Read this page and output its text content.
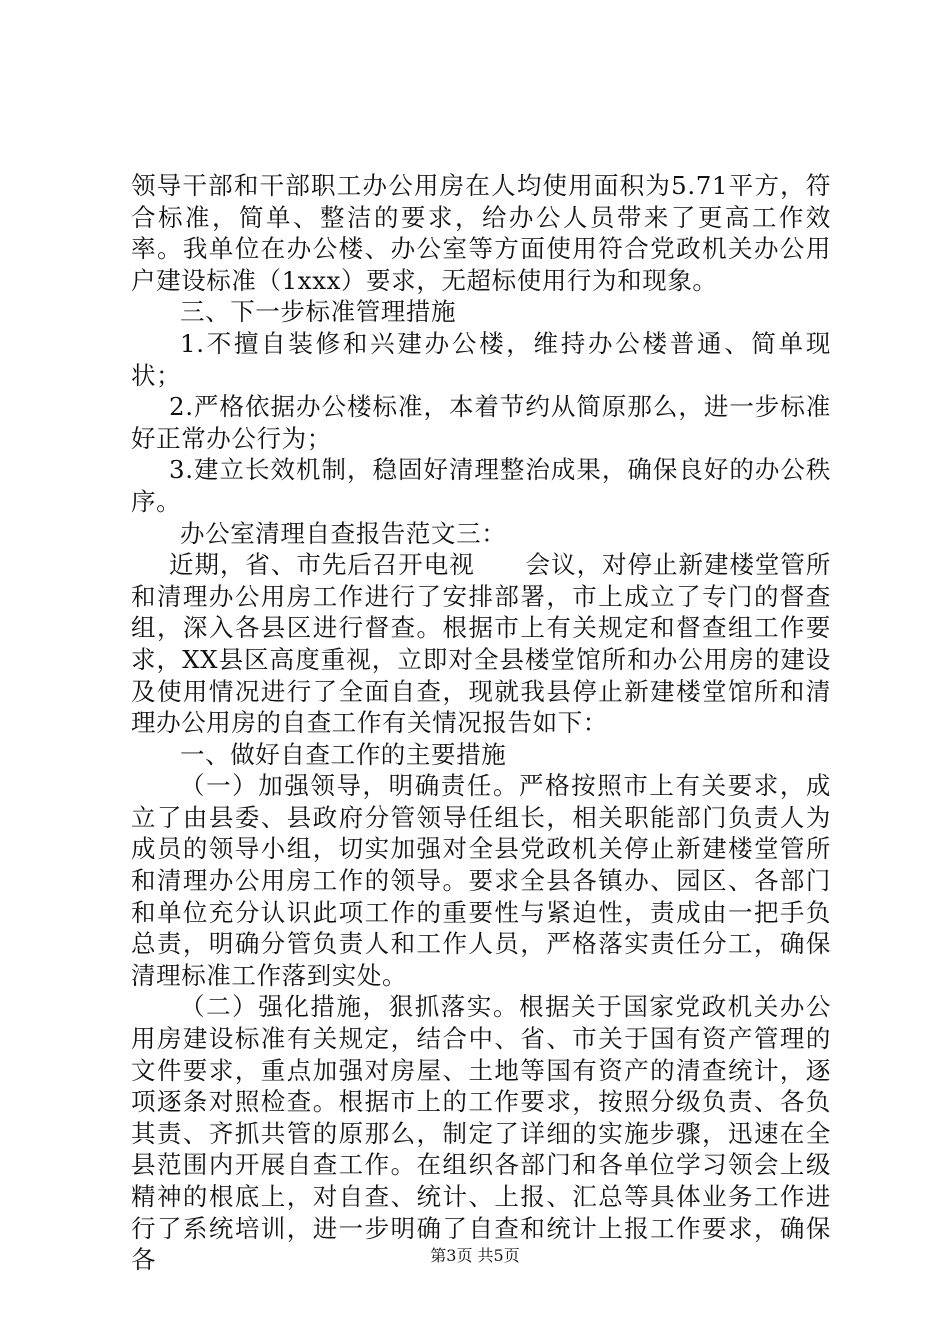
领导干部和干部职工办公用房在人均使用面积为5.71平方，符合标准，简单、整洁的要求，给办公人员带来了更高工作效率。我单位在办公楼、办公室等方面使用符合党政机关办公用户建设标准（1xxx）要求，无超标使用行为和现象。

三、下一步标准管理措施

1.不擅自装修和兴建办公楼，维持办公楼普通、简单现状；

2.严格依据办公楼标准，本着节约从简原那么，进一步标准好正常办公行为；

3.建立长效机制，稳固好清理整治成果，确保良好的办公秩序。

办公室清理自查报告范文三：

近期，省、市先后召开电视　　会议，对停止新建楼堂管所和清理办公用房工作进行了安排部署，市上成立了专门的督查组，深入各县区进行督查。根据市上有关规定和督查组工作要求，XX县区高度重视，立即对全县楼堂馆所和办公用房的建设及使用情况进行了全面自查，现就我县停止新建楼堂馆所和清理办公用房的自查工作有关情况报告如下：

一、做好自查工作的主要措施

（一）加强领导，明确责任。严格按照市上有关要求，成立了由县委、县政府分管领导任组长，相关职能部门负责人为成员的领导小组，切实加强对全县党政机关停止新建楼堂管所和清理办公用房工作的领导。要求全县各镇办、园区、各部门和单位充分认识此项工作的重要性与紧迫性，责成由一把手负总责，明确分管负责人和工作人员，严格落实责任分工，确保清理标准工作落到实处。

（二）强化措施，狠抓落实。根据关于国家党政机关办公用房建设标准有关规定，结合中、省、市关于国有资产管理的文件要求，重点加强对房屋、土地等国有资产的清查统计，逐项逐条对照检查。根据市上的工作要求，按照分级负责、各负其责、齐抓共管的原那么，制定了详细的实施步骤，迅速在全县范围内开展自查工作。在组织各部门和各单位学习领会上级精神的根底上，对自查、统计、上报、汇总等具体业务工作进行了系统培训，进一步明确了自查和统计上报工作要求，确保各	第3页 共5页
